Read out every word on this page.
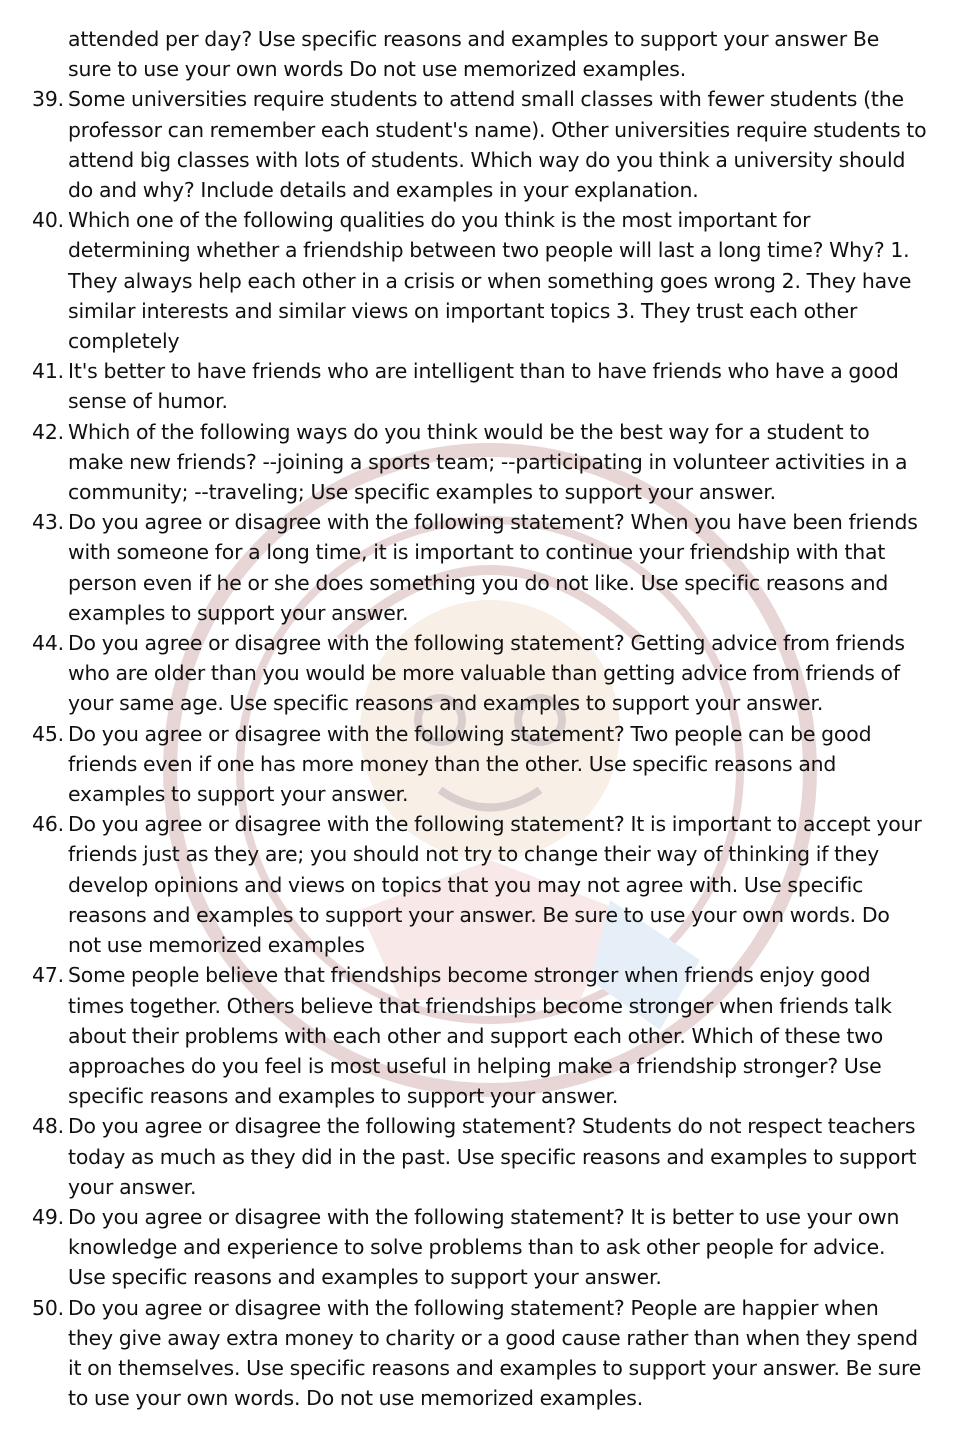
attended per day? Use specific reasons and examples to support your answer Be sure to use your own words Do not use memorized examples.
39. Some universities require students to attend small classes with fewer students (the professor can remember each student's name). Other universities require students to attend big classes with lots of students. Which way do you think a university should do and why? Include details and examples in your explanation.
40. Which one of the following qualities do you think is the most important for determining whether a friendship between two people will last a long time? Why? 1. They always help each other in a crisis or when something goes wrong 2. They have similar interests and similar views on important topics 3. They trust each other completely
41. It's better to have friends who are intelligent than to have friends who have a good sense of humor.
42. Which of the following ways do you think would be the best way for a student to make new friends? --joining a sports team; --participating in volunteer activities in a community; --traveling; Use specific examples to support your answer.
43. Do you agree or disagree with the following statement? When you have been friends with someone for a long time, it is important to continue your friendship with that person even if he or she does something you do not like. Use specific reasons and examples to support your answer.
44. Do you agree or disagree with the following statement? Getting advice from friends who are older than you would be more valuable than getting advice from friends of your same age. Use specific reasons and examples to support your answer.
45. Do you agree or disagree with the following statement? Two people can be good friends even if one has more money than the other. Use specific reasons and examples to support your answer.
46. Do you agree or disagree with the following statement? It is important to accept your friends just as they are; you should not try to change their way of thinking if they develop opinions and views on topics that you may not agree with. Use specific reasons and examples to support your answer. Be sure to use your own words. Do not use memorized examples
47. Some people believe that friendships become stronger when friends enjoy good times together. Others believe that friendships become stronger when friends talk about their problems with each other and support each other. Which of these two approaches do you feel is most useful in helping make a friendship stronger? Use specific reasons and examples to support your answer.
48. Do you agree or disagree the following statement? Students do not respect teachers today as much as they did in the past. Use specific reasons and examples to support your answer.
49. Do you agree or disagree with the following statement? It is better to use your own knowledge and experience to solve problems than to ask other people for advice. Use specific reasons and examples to support your answer.
50. Do you agree or disagree with the following statement? People are happier when they give away extra money to charity or a good cause rather than when they spend it on themselves. Use specific reasons and examples to support your answer. Be sure to use your own words. Do not use memorized examples.
